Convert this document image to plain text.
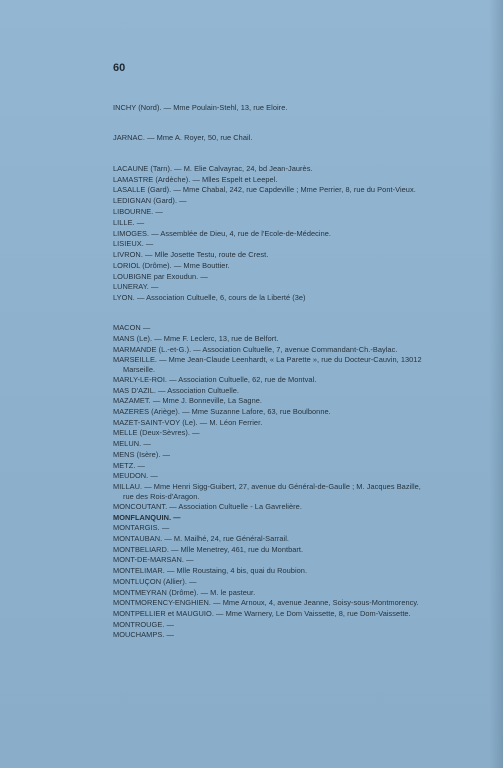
60
INCHY (Nord). — Mme Poulain-Stehl, 13, rue Eloire.
JARNAC. — Mme A. Royer, 50, rue Chail.
LACAUNE (Tarn). — M. Elie Calvayrac, 24, bd Jean-Jaurès.
LAMASTRE (Ardèche). — Mlles Espelt et Leepel.
LASALLE (Gard). — Mme Chabal, 242, rue Capdeville ; Mme Perrier, 8, rue du Pont-Vieux.
LEDIGNAN (Gard). —
LIBOURNE. —
LILLE. —
LIMOGES. — Assemblée de Dieu, 4, rue de l'Ecole-de-Médecine.
LISIEUX. —
LIVRON. — Mlle Josette Testu, route de Crest.
LORIOL (Drôme). — Mme Bouttier.
LOUBIGNE par Exoudun. —
LUNERAY. —
LYON. — Association Cultuelle, 6, cours de la Liberté (3e)
MACON —
MANS (Le). — Mme F. Leclerc, 13, rue de Belfort.
MARMANDE (L.-et-G.). — Association Cultuelle, 7, avenue Commandant-Ch.-Baylac.
MARSEILLE. — Mme Jean-Claude Leenhardt, « La Parette », rue du Docteur-Cauvin, 13012
Marseille.
MARLY-LE-ROI. — Association Cultuelle, 62, rue de Montval.
MAS D'AZIL. — Association Cultuelle.
MAZAMET. — Mme J. Bonneville, La Sagne.
MAZERES (Ariège). — Mme Suzanne Lafore, 63, rue Boulbonne.
MAZET-SAINT-VOY (Le). — M. Léon Ferrier.
MELLE (Deux-Sèvres). —
MELUN. —
MENS (Isère). —
METZ. —
MEUDON. —
MILLAU. — Mme Henri Sigg-Guibert, 27, avenue du Général-de-Gaulle ; M. Jacques Bazille,
rue des Rois-d'Aragon.
MONCOUTANT. — Association Cultuelle - La Gavrelière.
MONFLANQUIN. —
MONTARGIS. —
MONTAUBAN. — M. Mailhé, 24, rue Général-Sarrail.
MONTBELIARD. — Mlle Menetrey, 461, rue du Montbart.
MONT-DE-MARSAN. —
MONTELIMAR. — Mlle Roustaing, 4 bis, quai du Roubion.
MONTLUÇON (Allier). —
MONTMEYRAN (Drôme). — M. le pasteur.
MONTMORENCY-ENGHIEN. — Mme Arnoux, 4, avenue Jeanne, Soisy-sous-Montmorency.
MONTPELLIER et MAUGUIO. — Mme Warnery, Le Dom Vaissette, 8, rue Dom-Vaissette.
MONTROUGE. —
MOUCHAMPS. —
